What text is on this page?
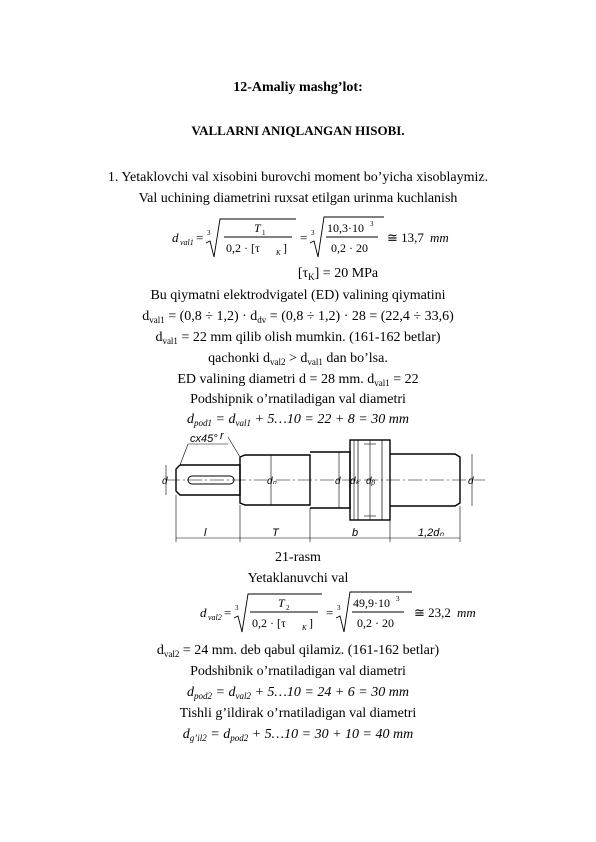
12-Amaliy mashg’lot:
VALLARNI ANIQLANGAN HISOBI.
1. Yetaklovchi val xisobini burovchi moment bo’yicha xisoblaymiz.
Val uchining diametrini ruxsat etilgan urinma kuchlanish
d val1 = 3	T 1
0,2 · [τ K ]
= 3 10,3·10 3
0,2 · 20
≅ 13,7 mm
$[\tau_K] = 20$ MPa
Bu qiymatni elektrodvigatel (ED) valining qiymatini
$d_{val1} = (0,8 \div 1,2) \cdot d_{dv} = (0,8 \div 1,2) \cdot 28 = (22,4 \div 33,6)$
$d_{val1} = 22$ mm qilib olish mumkin. (161-162 betlar)
qachonki $d_{val2} > d_{val1}$ dan bo’lsa.
ED valining diametri d = 28 mm. $d_{val1} = 22$
Podshipnik o’rnatiladigan val diametri
$d_{pod1} = d_{val1}$ + 5…10 = 22 + 8 = 30 mm
cx45° r
d	dₙ	d dₖ dᵦ	d
l	T	b	1,2dₙ
21-rasm
Yetaklanuvchi val
d val2 = 3	T 2
0,2 · [τ K ]
= 3 49,9·10 3
0,2 · 20
≅ 23,2 mm
$d_{val2} = 24$ mm. deb qabul qilamiz. (161-162 betlar)
Podshibnik o’rnatiladigan val diametri
$d_{pod2} = d_{val2}$ + 5…10 = 24 + 6 = 30 mm
Tishli g’ildirak o’rnatiladigan val diametri
$d_{g’il2} = d_{pod2}$ + 5…10 = 30 + 10 = 40 mm
